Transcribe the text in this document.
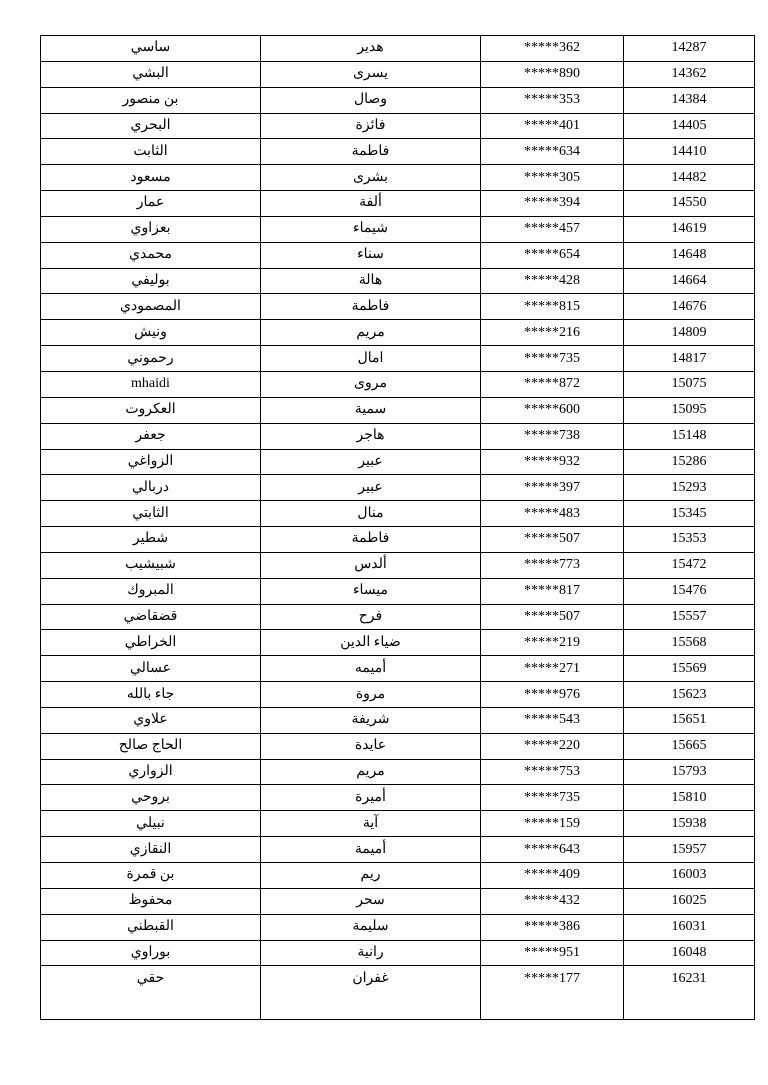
ساسي	هدير	*****362	14287
البشي	يسرى	*****890	14362
بن منصور	وصال	*****353	14384
البحري	فائزة	*****401	14405
الثابت	فاطمة	*****634	14410
مسعود	بشرى	*****305	14482
عمار	ألفة	*****394	14550
بعزاوي	شيماء	*****457	14619
محمدي	سناء	*****654	14648
بوليفي	هالة	*****428	14664
المصمودي	فاطمة	*****815	14676
ونيش	مريم	*****216	14809
رحموني	امال	*****735	14817
mhaidi	مروى	*****872	15075
العكروت	سمية	*****600	15095
جعفر	هاجر	*****738	15148
الزواغي	عبير	*****932	15286
دربالي	عبير	*****397	15293
الثابتي	منال	*****483	15345
شطير	فاطمة	*****507	15353
شبيشيب	ألدس	*****773	15472
المبروك	ميساء	*****817	15476
قضقاضي	فرح	*****507	15557
الخراطي	ضياء الدين	*****219	15568
عسالي	أميمه	*****271	15569
جاء بالله	مروة	*****976	15623
علاوي	شريفة	*****543	15651
الحاج صالح	عايدة	*****220	15665
الزواري	مريم	*****753	15793
بروحي	أميرة	*****735	15810
نبيلي	آية	*****159	15938
النقازي	أميمة	*****643	15957
بن قمرة	ريم	*****409	16003
محفوظ	سحر	*****432	16025
القبطني	سليمة	*****386	16031
بوراوي	رانية	*****951	16048
حقي	غفران	*****177	16231
